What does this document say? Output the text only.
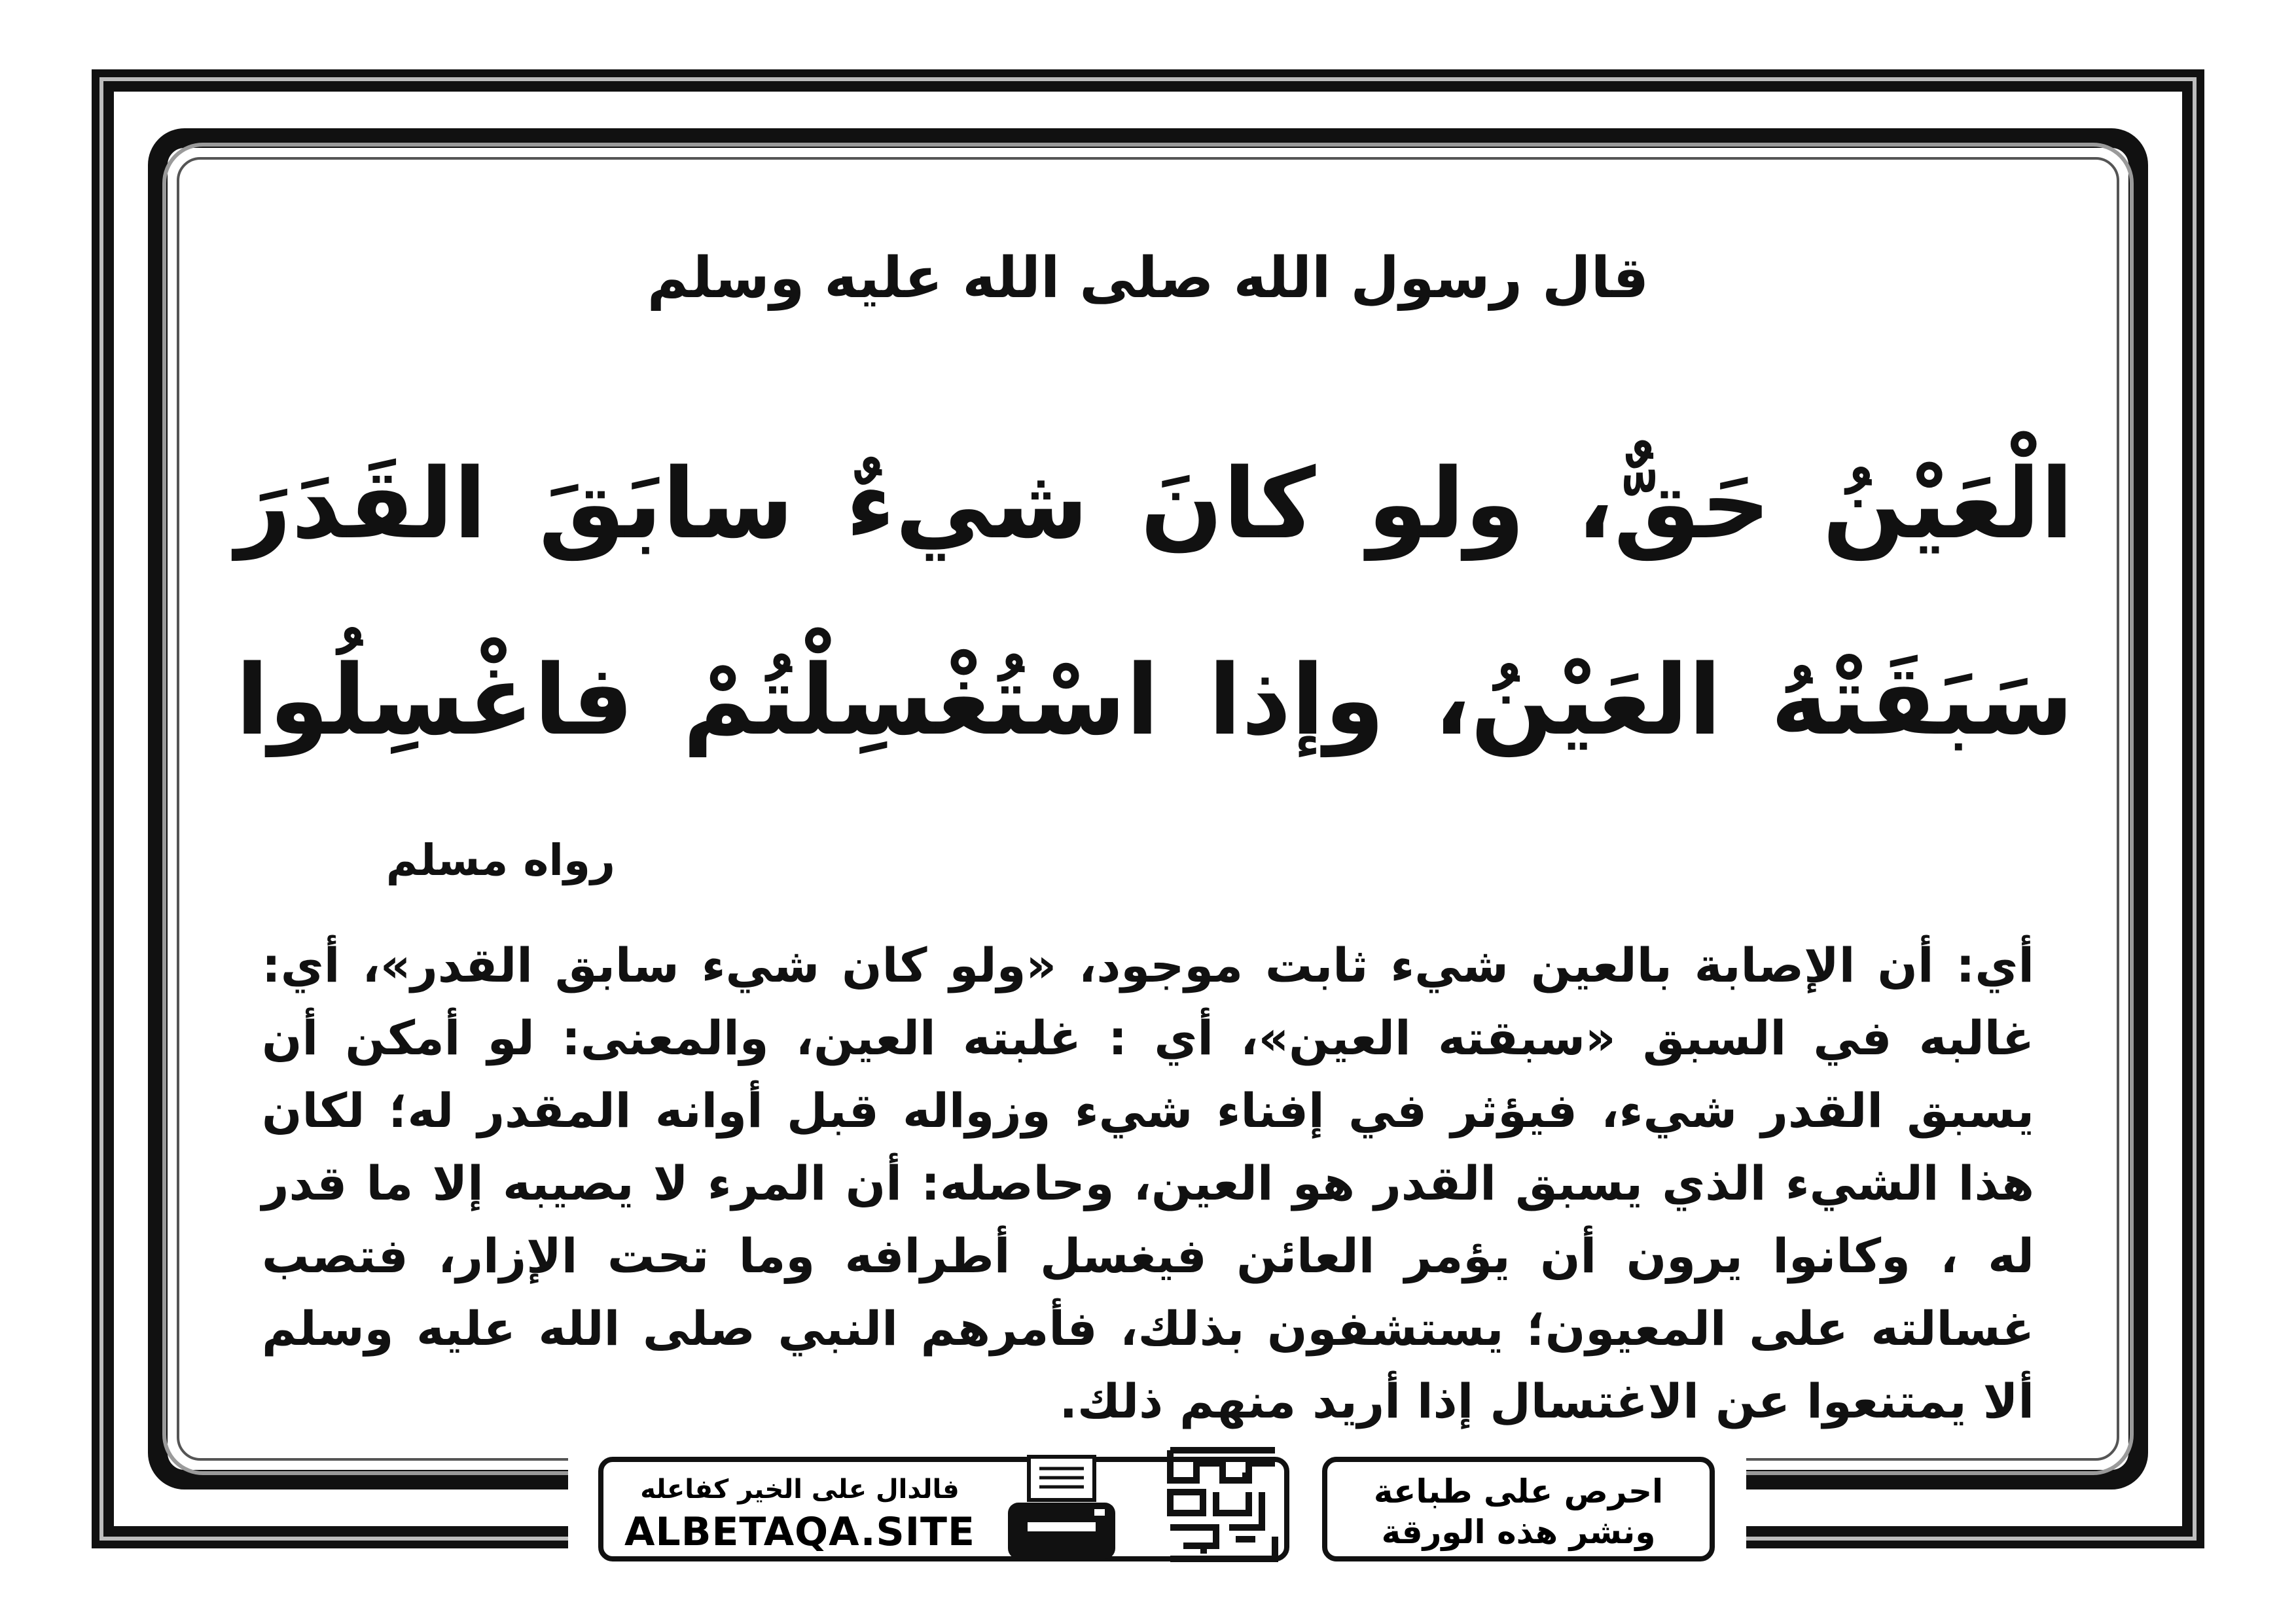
قال رسول الله صلى الله عليه وسلم
الْعَيْنُ حَقٌّ، ولو كانَ شيءٌ سابَقَ القَدَرَ
سَبَقَتْهُ العَيْنُ، وإذا اسْتُغْسِلْتُمْ فاغْسِلُوا
رواه مسلم
أي: أن الإصابة بالعين شيء ثابت موجود، «ولو كان شيء سابق القدر»، أي: غالبه في السبق «سبقته العين»، أي : غلبته العين، والمعنى: لو أمكن أن يسبق القدر شيء، فيؤثر في إفناء شيء وزواله قبل أوانه المقدر له؛ لكان هذا الشيء الذي يسبق القدر هو العين، وحاصله: أن المرء لا يصيبه إلا ما قدر له ، وكانوا يرون أن يؤمر العائن فيغسل أطرافه وما تحت الإزار، فتصب غسالته على المعيون؛ يستشفون بذلك، فأمرهم النبي صلى الله عليه وسلم ألا يمتنعوا عن الاغتسال إذا أريد منهم ذلك.
فالدال على الخير كفاعله
ALBETAQA.SITE
احرص على طباعة
ونشر هذه الورقة
